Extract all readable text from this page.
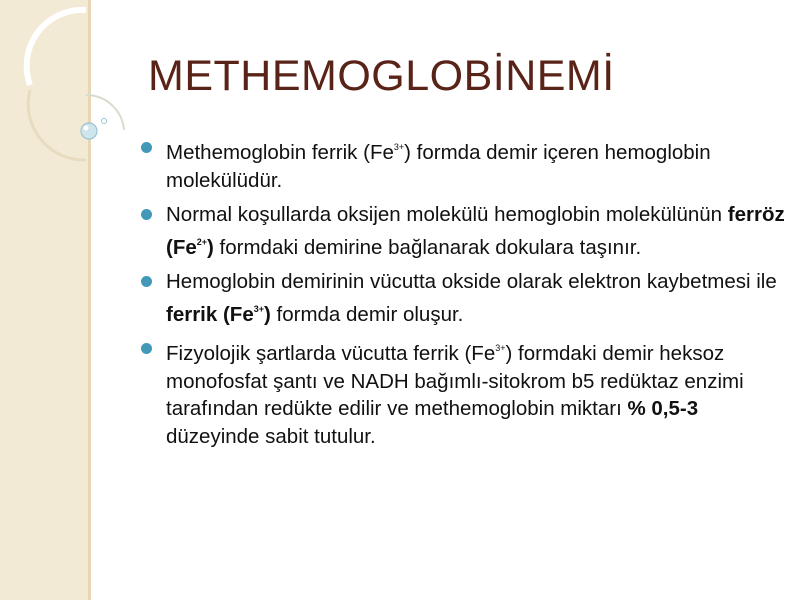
METHEMOGLOBİNEMİ
Methemoglobin ferrik $(Fe^{3+})$ formda demir içeren hemoglobin molekülüdür.
Normal koşullarda oksijen molekülü hemoglobin molekülünün ferröz $(Fe^{2+})$ formdaki demirine bağlanarak dokulara taşınır.
Hemoglobin demirinin vücutta okside olarak elektron kaybetmesi ile ferrik $(Fe^{3+})$ formda demir oluşur.
Fizyolojik şartlarda vücutta ferrik $(Fe^{3+})$ formdaki demir heksoz monofosfat şantı ve NADH bağımlı-sitokrom b5 redüktaz enzimi tarafından redükte edilir ve methemoglobin miktarı % 0,5-3 düzeyinde sabit tutulur.
